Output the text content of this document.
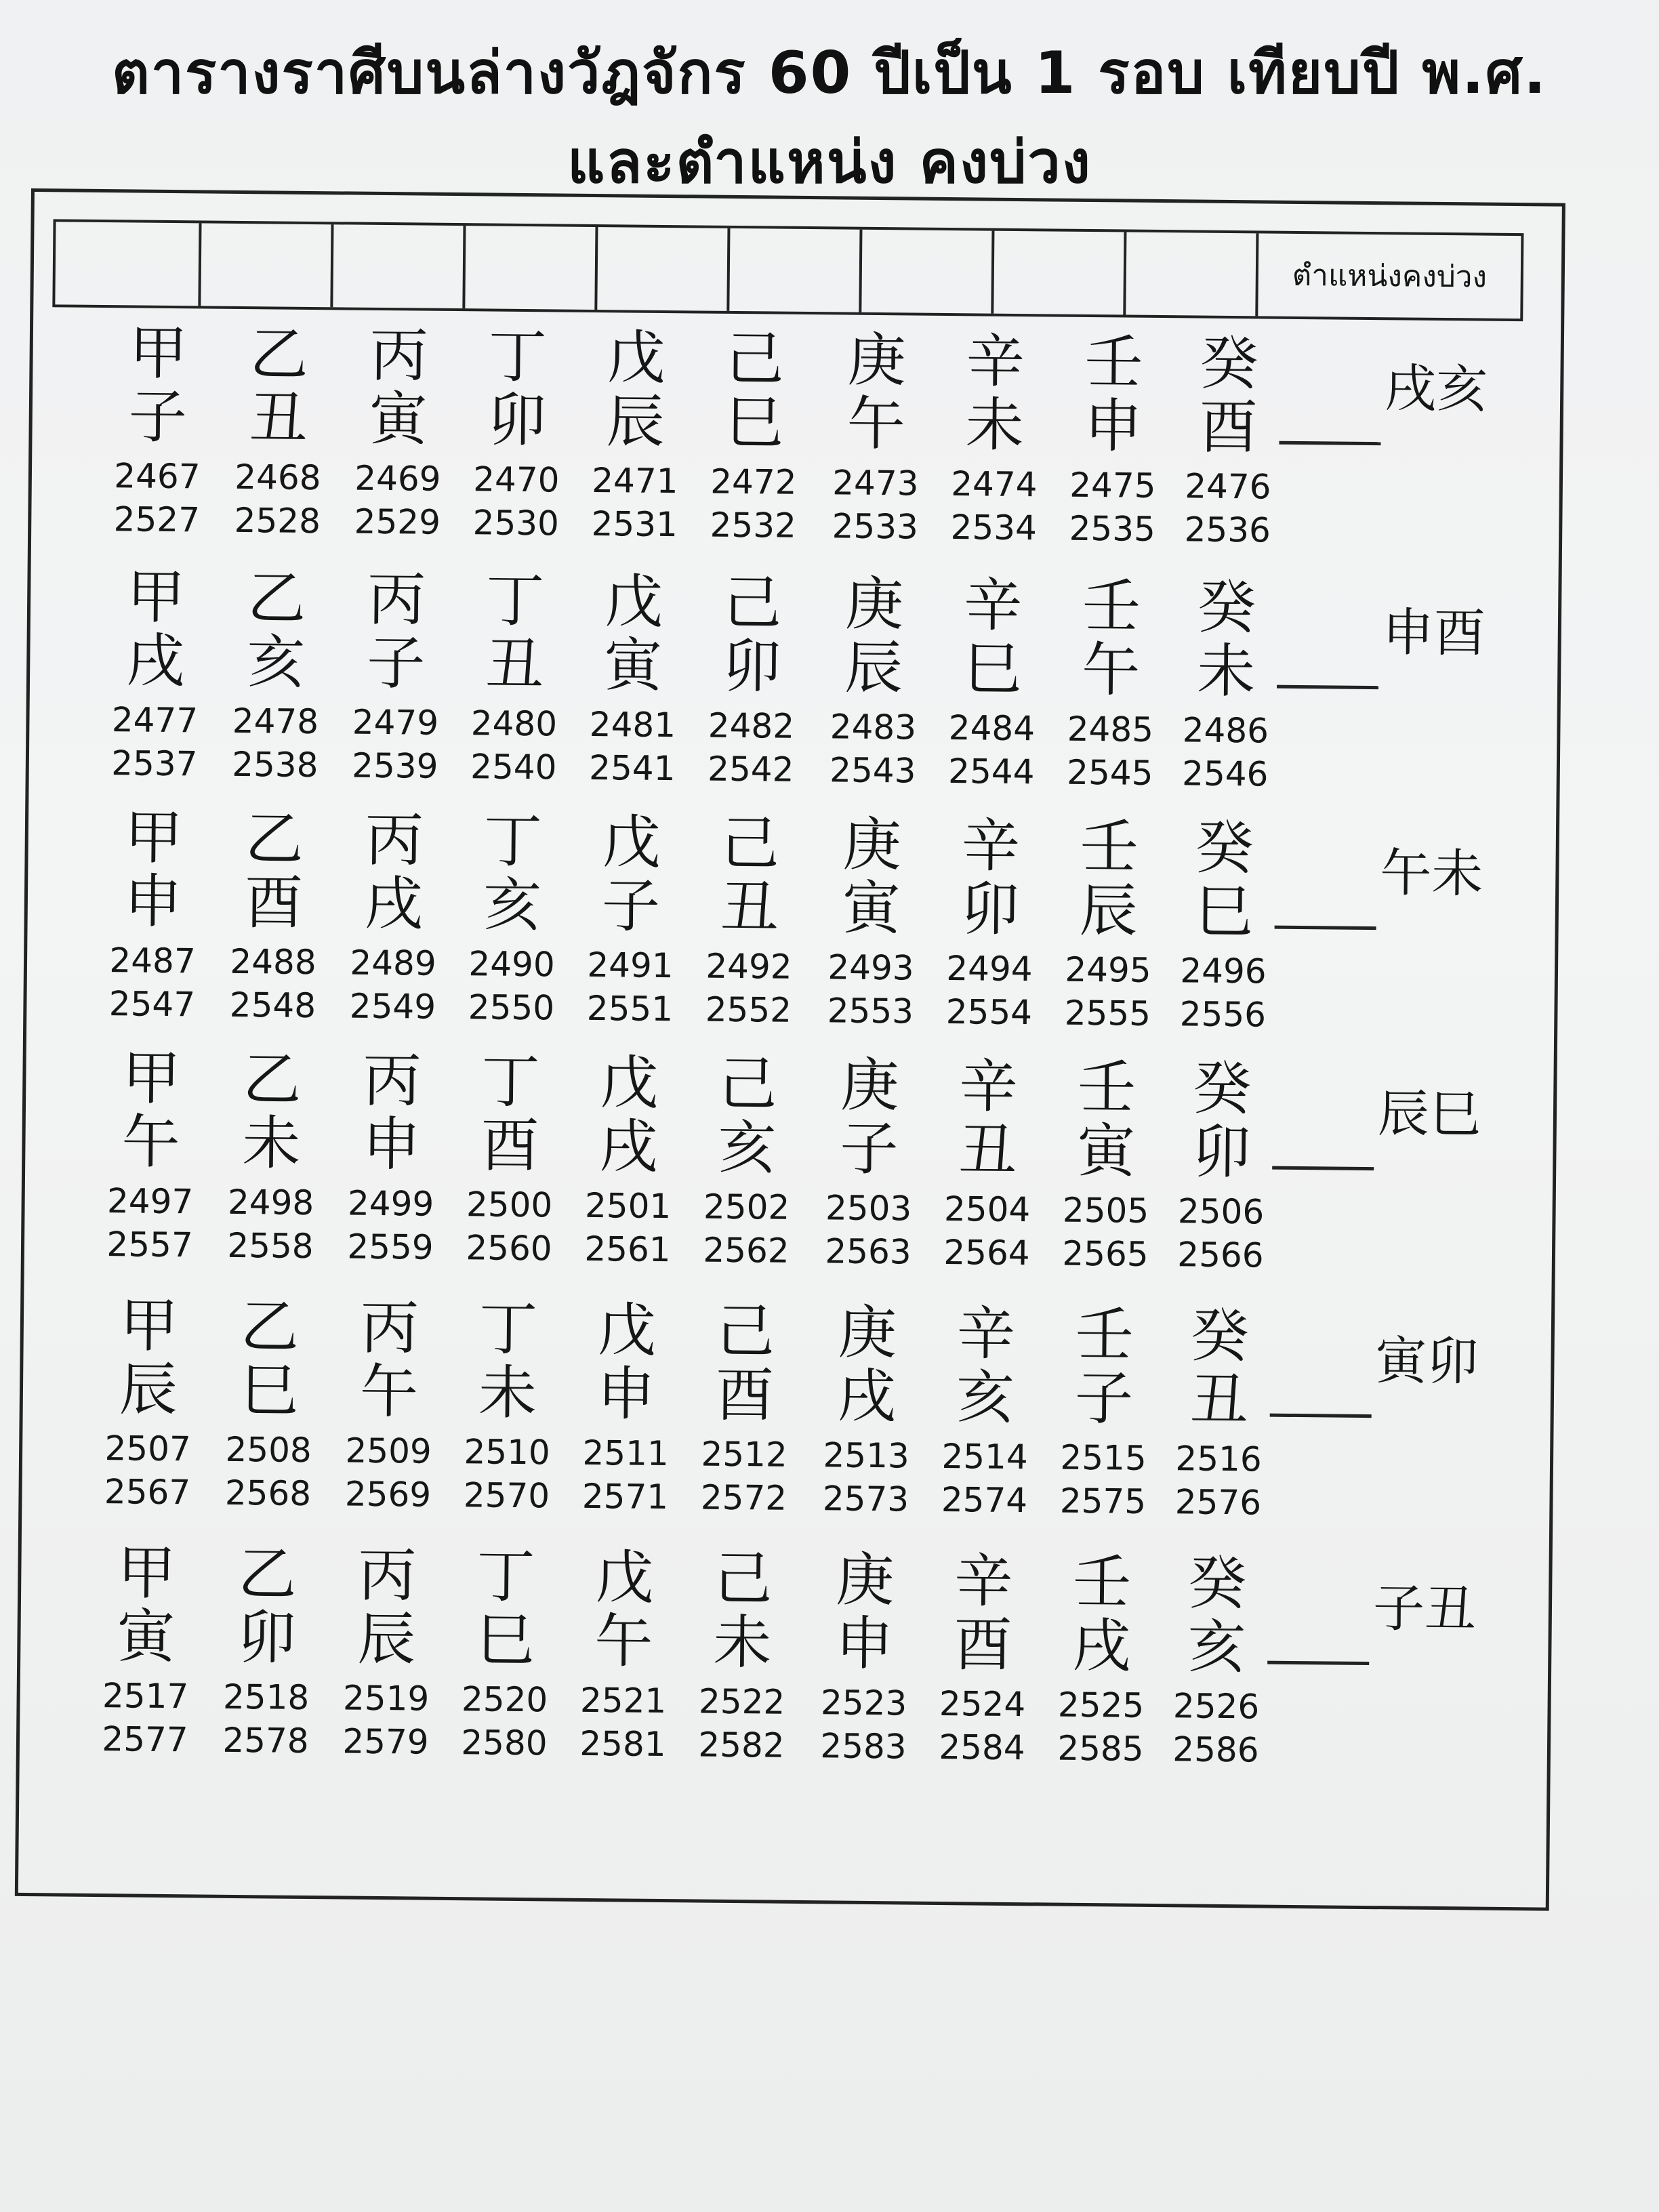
ตารางราศีบนล่างวัฎจักร 60 ปีเป็น 1 รอบ เทียบปี พ.ศ.
และตำแหน่ง คงบ่วง
ตำแหน่งคงบ่วง
甲
子
2467
2527
乙
丑
2468
2528
丙
寅
2469
2529
丁
卯
2470
2530
戊
辰
2471
2531
己
巳
2472
2532
庚
午
2473
2533
辛
未
2474
2534
壬
申
2475
2535
癸
酉
2476
2536
戌亥
甲
戌
2477
2537
乙
亥
2478
2538
丙
子
2479
2539
丁
丑
2480
2540
戊
寅
2481
2541
己
卯
2482
2542
庚
辰
2483
2543
辛
巳
2484
2544
壬
午
2485
2545
癸
未
2486
2546
申酉
甲
申
2487
2547
乙
酉
2488
2548
丙
戌
2489
2549
丁
亥
2490
2550
戊
子
2491
2551
己
丑
2492
2552
庚
寅
2493
2553
辛
卯
2494
2554
壬
辰
2495
2555
癸
巳
2496
2556
午未
甲
午
2497
2557
乙
未
2498
2558
丙
申
2499
2559
丁
酉
2500
2560
戊
戌
2501
2561
己
亥
2502
2562
庚
子
2503
2563
辛
丑
2504
2564
壬
寅
2505
2565
癸
卯
2506
2566
辰巳
甲
辰
2507
2567
乙
巳
2508
2568
丙
午
2509
2569
丁
未
2510
2570
戊
申
2511
2571
己
酉
2512
2572
庚
戌
2513
2573
辛
亥
2514
2574
壬
子
2515
2575
癸
丑
2516
2576
寅卯
甲
寅
2517
2577
乙
卯
2518
2578
丙
辰
2519
2579
丁
巳
2520
2580
戊
午
2521
2581
己
未
2522
2582
庚
申
2523
2583
辛
酉
2524
2584
壬
戌
2525
2585
癸
亥
2526
2586
子丑
